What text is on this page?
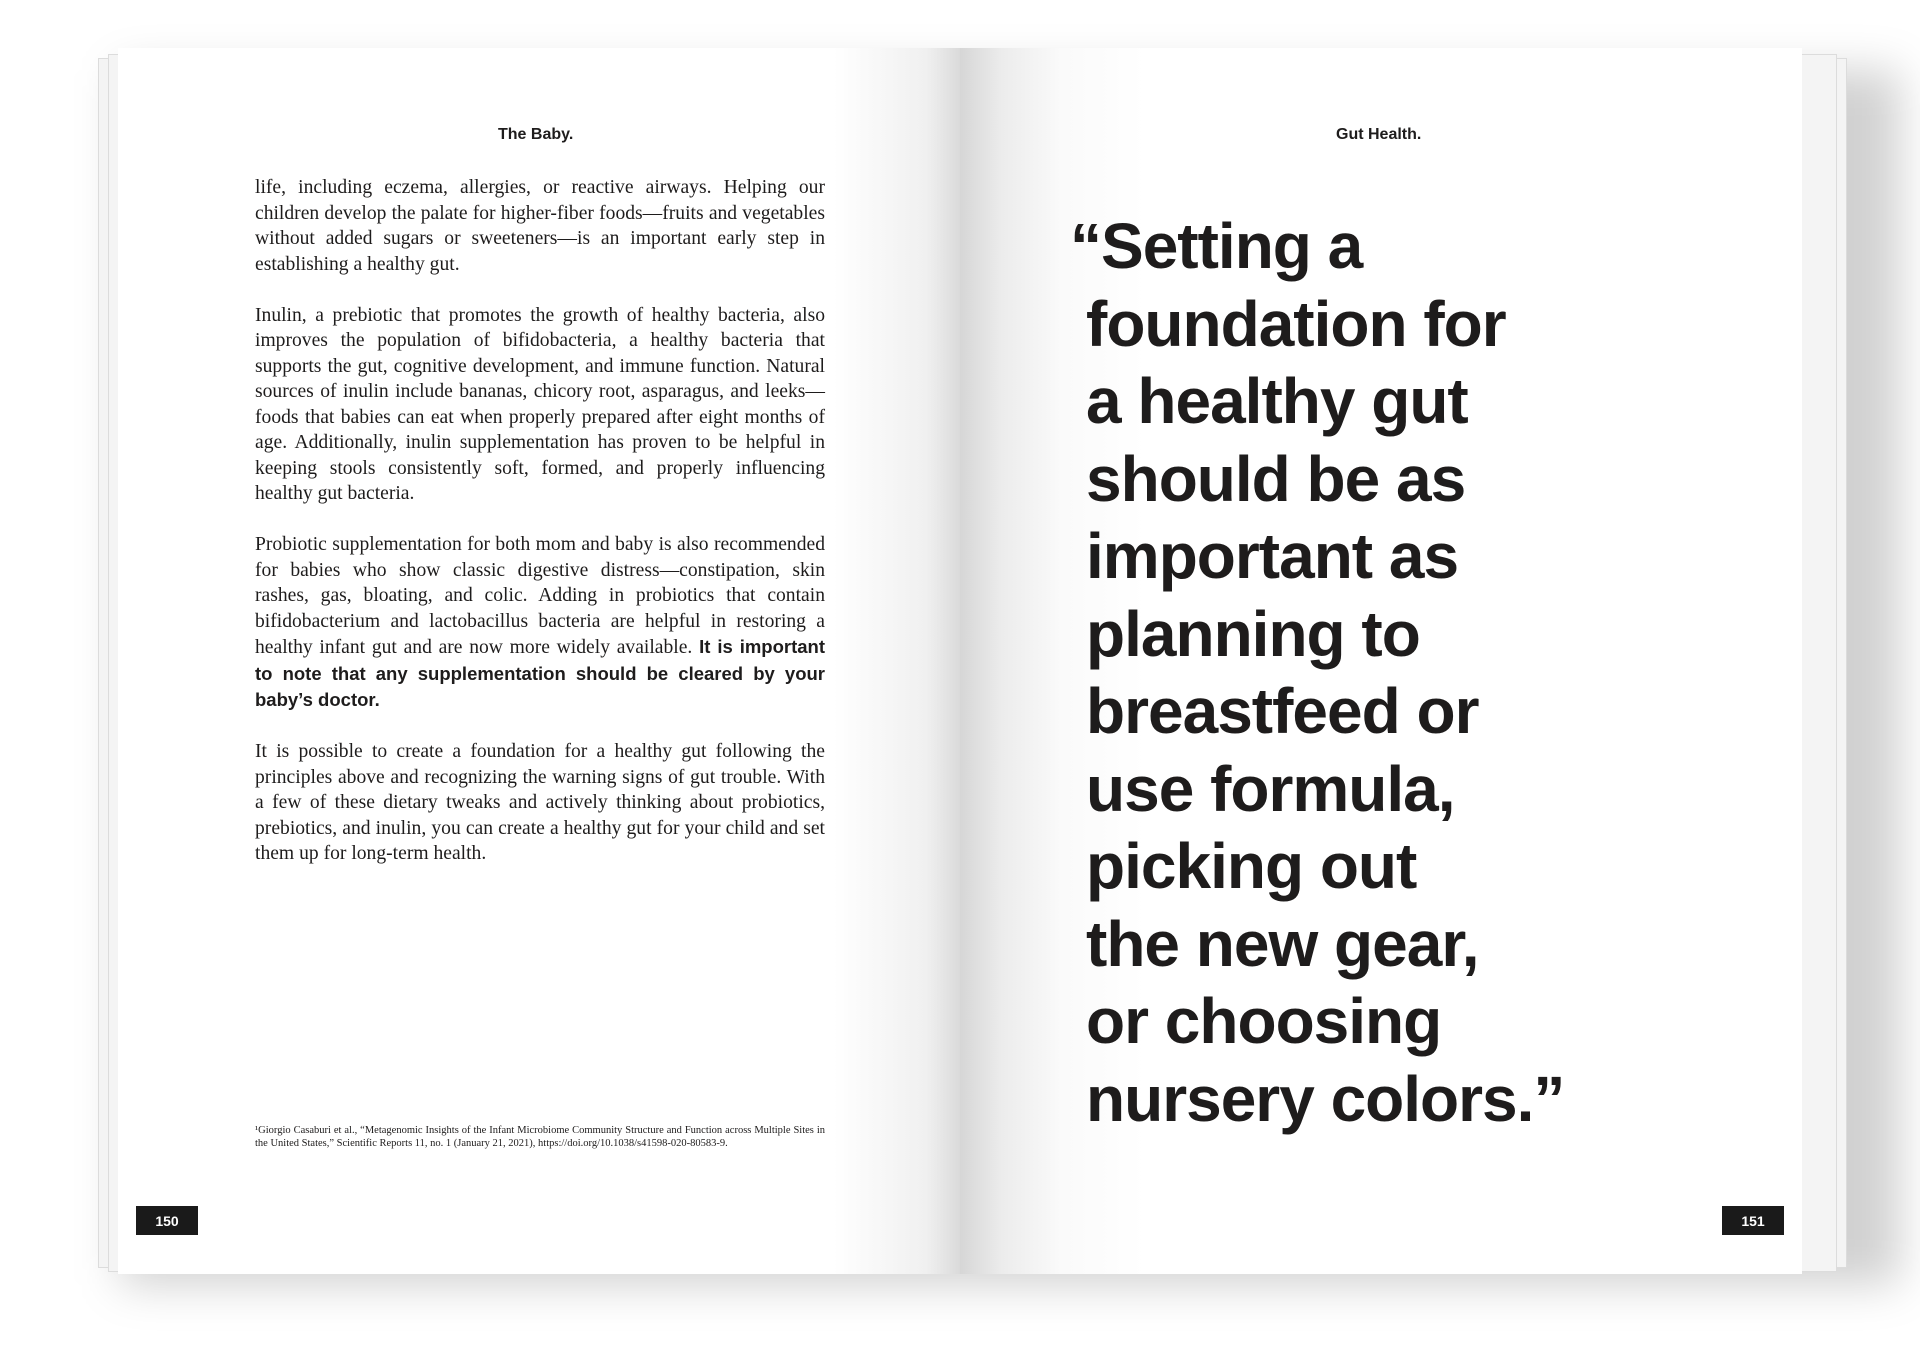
The Baby.

life, including eczema, allergies, or reactive airways. Helping our children develop the palate for higher-fiber foods—fruits and vegetables without added sugars or sweeteners—is an important early step in establishing a healthy gut.

Inulin, a prebiotic that promotes the growth of healthy bacteria, also improves the population of bifidobacteria, a healthy bacteria that supports the gut, cognitive development, and immune function. Natural sources of inulin include bananas, chicory root, asparagus, and leeks—foods that babies can eat when properly prepared after eight months of age. Additionally, inulin supplementation has proven to be helpful in keeping stools consistently soft, formed, and properly influencing healthy gut bacteria.

Probiotic supplementation for both mom and baby is also recommended for babies who show classic digestive distress—constipation, skin rashes, gas, bloating, and colic. Adding in probiotics that contain bifidobacterium and lactobacillus bacteria are helpful in restoring a healthy infant gut and are now more widely available. It is important to note that any supplementation should be cleared by your baby’s doctor.

It is possible to create a foundation for a healthy gut following the principles above and recognizing the warning signs of gut trouble. With a few of these dietary tweaks and actively thinking about probiotics, prebiotics, and inulin, you can create a healthy gut for your child and set them up for long-term health.

¹Giorgio Casaburi et al., “Metagenomic Insights of the Infant Microbiome Community Structure and Function across Multiple Sites in the United States,” Scientific Reports 11, no. 1 (January 21, 2021), https://doi.org/10.1038/s41598-020-80583-9.
150
Gut Health.
“Setting a
foundation for
a healthy gut
should be as
important as
planning to
breastfeed or
use formula,
picking out
the new gear,
or choosing
nursery colors.”
151
